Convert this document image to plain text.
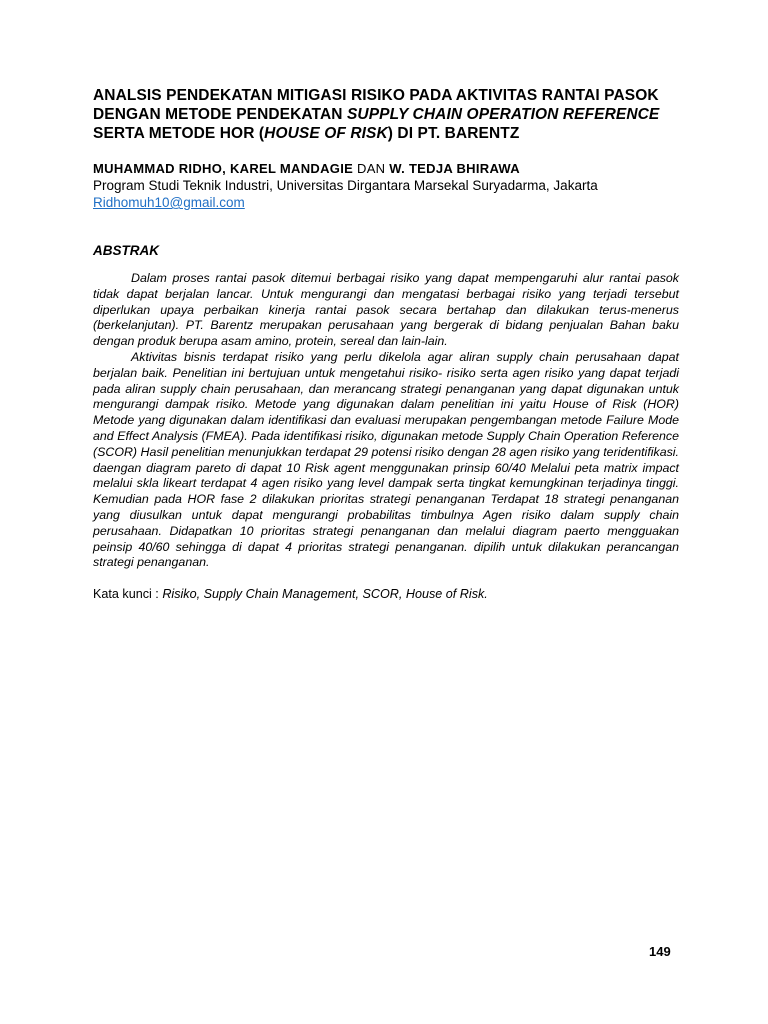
ANALSIS PENDEKATAN MITIGASI RISIKO PADA AKTIVITAS RANTAI PASOK DENGAN METODE PENDEKATAN SUPPLY CHAIN OPERATION REFERENCE SERTA METODE HOR (HOUSE OF RISK) DI PT. BARENTZ
MUHAMMAD RIDHO, KAREL MANDAGIE DAN W. TEDJA BHIRAWA
Program Studi Teknik Industri, Universitas Dirgantara Marsekal Suryadarma, Jakarta
Ridhomuh10@gmail.com
ABSTRAK

Dalam proses rantai pasok ditemui berbagai risiko yang dapat mempengaruhi alur rantai pasok tidak dapat berjalan lancar. Untuk mengurangi dan mengatasi berbagai risiko yang terjadi tersebut diperlukan upaya perbaikan kinerja rantai pasok secara bertahap dan dilakukan terus-menerus (berkelanjutan). PT. Barentz merupakan perusahaan yang bergerak di bidang penjualan Bahan baku dengan produk berupa asam amino, protein, sereal dan lain-lain.

Aktivitas bisnis terdapat risiko yang perlu dikelola agar aliran supply chain perusahaan dapat berjalan baik. Penelitian ini bertujuan untuk mengetahui risiko- risiko serta agen risiko yang dapat terjadi pada aliran supply chain perusahaan, dan merancang strategi penanganan yang dapat digunakan untuk mengurangi dampak risiko. Metode yang digunakan dalam penelitian ini yaitu House of Risk (HOR) Metode yang digunakan dalam identifikasi dan evaluasi merupakan pengembangan metode Failure Mode and Effect Analysis (FMEA). Pada identifikasi risiko, digunakan metode Supply Chain Operation Reference (SCOR) Hasil penelitian menunjukkan terdapat 29 potensi risiko dengan 28 agen risiko yang teridentifikasi. daengan diagram pareto di dapat 10 Risk agent menggunakan prinsip 60/40 Melalui peta matrix impact melalui skla likeart terdapat 4 agen risiko yang level dampak serta tingkat kemungkinan terjadinya tinggi. Kemudian pada HOR fase 2 dilakukan prioritas strategi penanganan Terdapat 18 strategi penanganan yang diusulkan untuk dapat mengurangi probabilitas timbulnya Agen risiko dalam supply chain perusahaan. Didapatkan 10 prioritas strategi penanganan dan melalui diagram paerto mengguakan peinsip 40/60 sehingga di dapat 4 prioritas strategi penanganan. dipilih untuk dilakukan perancangan strategi penanganan.

Kata kunci : Risiko, Supply Chain Management, SCOR, House of Risk.
149
